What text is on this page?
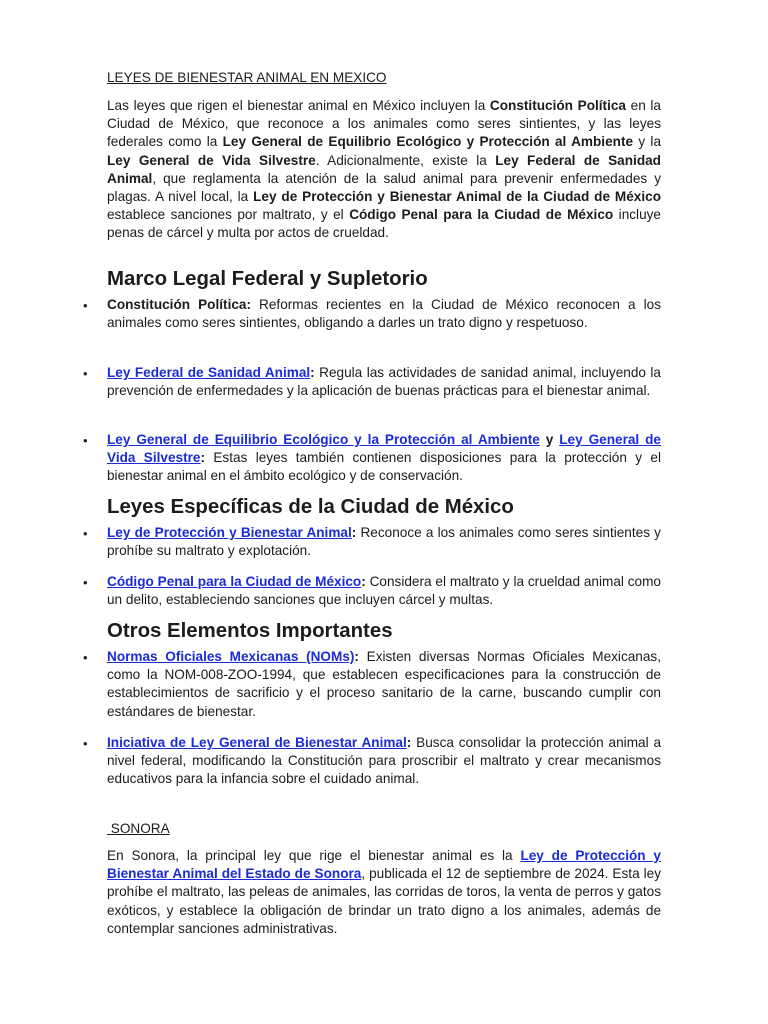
LEYES DE BIENESTAR ANIMAL EN MEXICO

Las leyes que rigen el bienestar animal en México incluyen la Constitución Política en la Ciudad de México, que reconoce a los animales como seres sintientes, y las leyes federales como la Ley General de Equilibrio Ecológico y Protección al Ambiente y la Ley General de Vida Silvestre. Adicionalmente, existe la Ley Federal de Sanidad Animal, que reglamenta la atención de la salud animal para prevenir enfermedades y plagas. A nivel local, la Ley de Protección y Bienestar Animal de la Ciudad de México establece sanciones por maltrato, y el Código Penal para la Ciudad de México incluye penas de cárcel y multa por actos de crueldad.

Marco Legal Federal y Supletorio
•

Constitución Política: Reformas recientes en la Ciudad de México reconocen a los animales como seres sintientes, obligando a darles un trato digno y respetuoso.

•

Ley Federal de Sanidad Animal: Regula las actividades de sanidad animal, incluyendo la prevención de enfermedades y la aplicación de buenas prácticas para el bienestar animal.

•

Ley General de Equilibrio Ecológico y la Protección al Ambiente y Ley General de Vida Silvestre: Estas leyes también contienen disposiciones para la protección y el bienestar animal en el ámbito ecológico y de conservación.

Leyes Específicas de la Ciudad de México
•

Ley de Protección y Bienestar Animal: Reconoce a los animales como seres sintientes y prohíbe su maltrato y explotación.

•

Código Penal para la Ciudad de México: Considera el maltrato y la crueldad animal como un delito, estableciendo sanciones que incluyen cárcel y multas.

Otros Elementos Importantes
•

Normas Oficiales Mexicanas (NOMs): Existen diversas Normas Oficiales Mexicanas, como la NOM-008-ZOO-1994, que establecen especificaciones para la construcción de establecimientos de sacrificio y el proceso sanitario de la carne, buscando cumplir con estándares de bienestar.

•

Iniciativa de Ley General de Bienestar Animal: Busca consolidar la protección animal a nivel federal, modificando la Constitución para proscribir el maltrato y crear mecanismos educativos para la infancia sobre el cuidado animal.

SONORA

En Sonora, la principal ley que rige el bienestar animal es la Ley de Protección y Bienestar Animal del Estado de Sonora, publicada el 12 de septiembre de 2024. Esta ley prohíbe el maltrato, las peleas de animales, las corridas de toros, la venta de perros y gatos exóticos, y establece la obligación de brindar un trato digno a los animales, además de contemplar sanciones administrativas.
